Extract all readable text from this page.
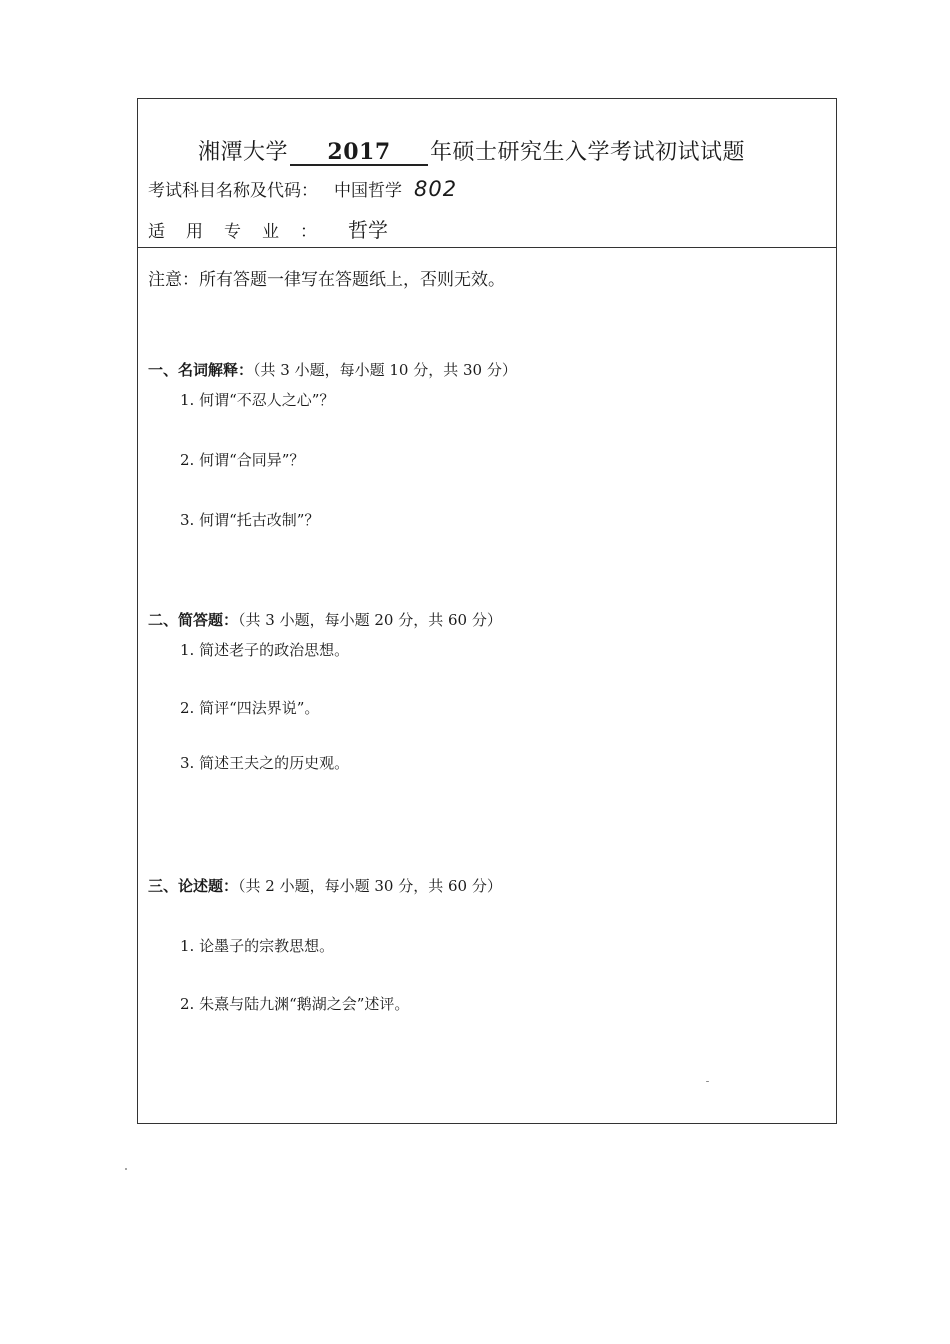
湘潭大学 2017 年硕士研究生入学考试初试试题
考试科目名称及代码： 中国哲学 802
适用专业： 哲学
注意：所有答题一律写在答题纸上，否则无效。
一、名词解释：（共 3 小题，每小题 10 分，共 30 分）
1. 何谓“不忍人之心”？
2. 何谓“合同异”？
3. 何谓“托古改制”？
二、简答题：（共 3 小题，每小题 20 分，共 60 分）
1. 简述老子的政治思想。
2. 简评“四法界说”。
3. 简述王夫之的历史观。
三、论述题：（共 2 小题，每小题 30 分，共 60 分）
1. 论墨子的宗教思想。
2. 朱熹与陆九渊“鹅湖之会”述评。
